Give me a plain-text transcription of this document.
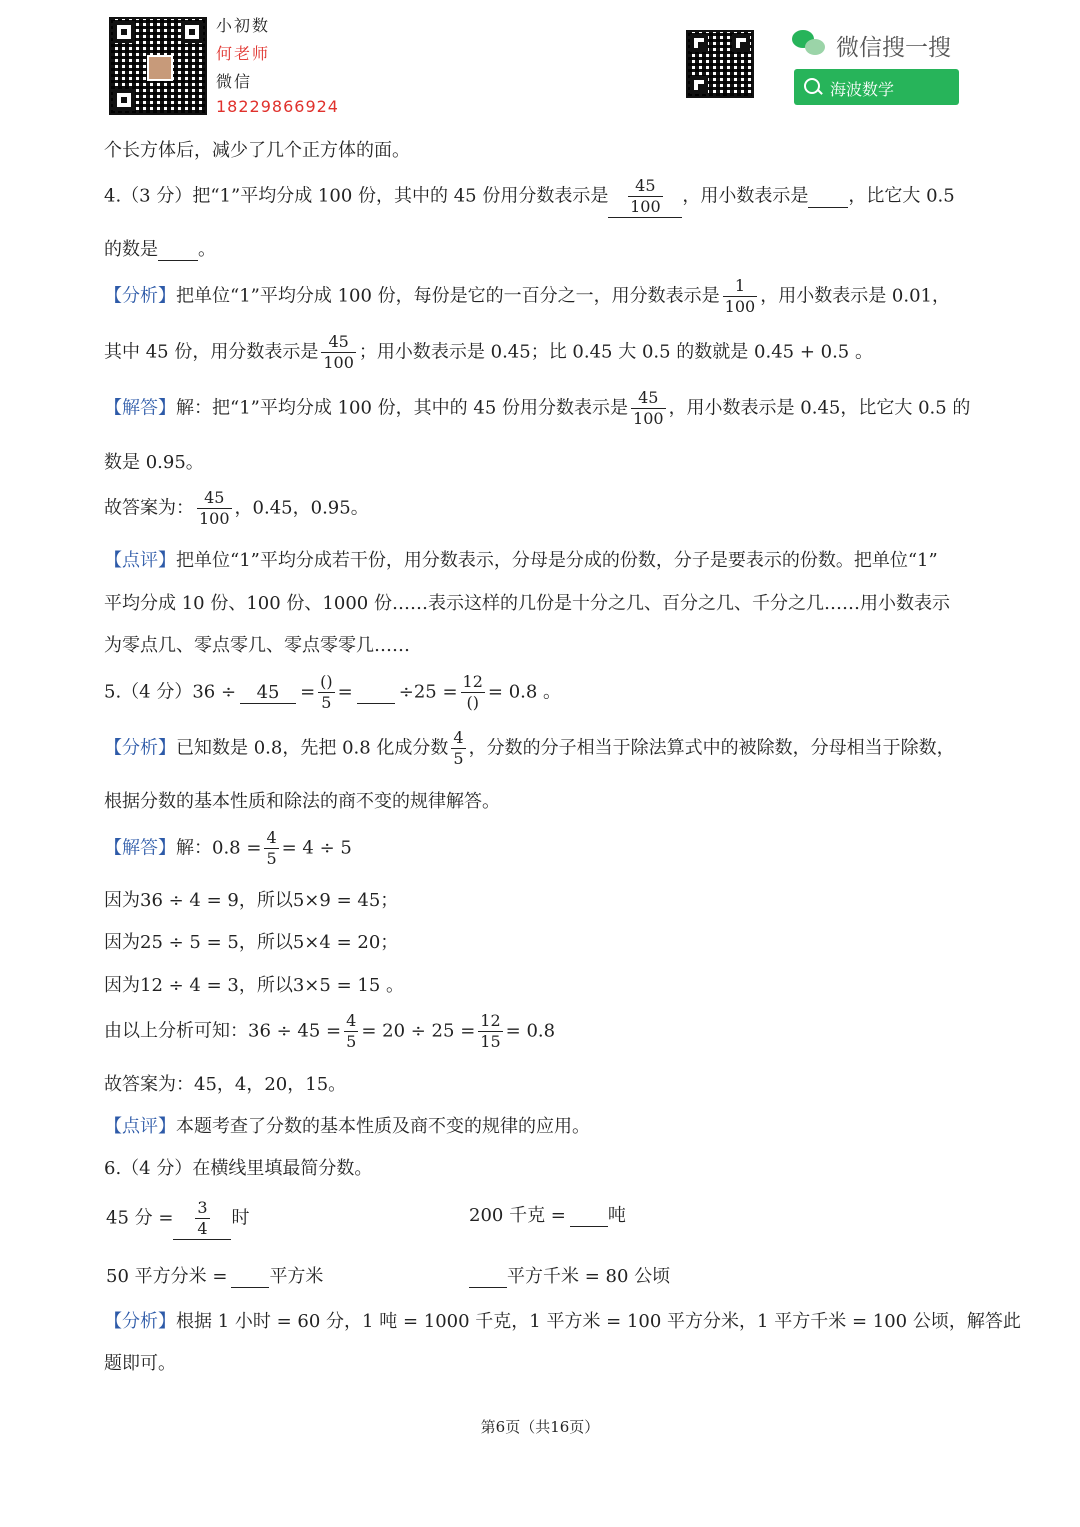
小初数
何老师
微信
18229866924
微信搜一搜
海波数学
个长方体后，减少了几个正方体的面。
4.（3 分）把“1”平均分成 100 份，其中的 45 份用分数表示是 $\frac{45}{100}$ ，用小数表示是 ，比它大 0.5
的数是 。
【分析】把单位“1”平均分成 100 份，每份是它的一百分之一，用分数表示是 $\frac{1}{100}$ ，用小数表示是 0.01，
其中 45 份，用分数表示是 $\frac{45}{100}$ ；用小数表示是 0.45；比 0.45 大 0.5 的数就是 0.45 + 0.5 。
【解答】解：把“1”平均分成 100 份，其中的 45 份用分数表示是 $\frac{45}{100}$ ，用小数表示是 0.45，比它大 0.5 的
数是 0.95。
故答案为： $\frac{45}{100}$ ，0.45，0.95。
【点评】把单位“1”平均分成若干份，用分数表示，分母是分成的份数，分子是要表示的份数。把单位“1”
平均分成 10 份、100 份、1000 份……表示这样的几份是十分之几、百分之几、千分之几……用小数表示
为零点几、零点零几、零点零零几……
5.（4 分）$36 \div 45 = \frac{()}{5}$ =	$\div 25 = \frac{12}{()} = 0.8$ 。
【分析】已知数是 0.8，先把 0.8 化成分数 $\frac{4}{5}$ ，分数的分子相当于除法算式中的被除数，分母相当于除数，
根据分数的基本性质和除法的商不变的规律解答。
【解答】解：$0.8 = \frac{4}{5} = 4 \div 5$
因为36 ÷ 4 = 9，所以5×9 = 45；
因为25 ÷ 5 = 5，所以5×4 = 20；
因为12 ÷ 4 = 3，所以3×5 = 15 。
由以上分析可知：$36 \div 45 = \frac{4}{5} = 20 \div 25 = \frac{12}{15} = 0.8$
故答案为：45，4，20，15。
【点评】本题考查了分数的基本性质及商不变的规律的应用。
6.（4 分）在横线里填最简分数。
45 分 = $\frac{3}{4}$ 时	200 千克 = 吨
50 平方分米 = 平方米	平方千米 = 80 公顷
【分析】根据 1 小时 = 60 分，1 吨 = 1000 千克，1 平方米 = 100 平方分米，1 平方千米 = 100 公顷，解答此
题即可。
第6页（共16页）
